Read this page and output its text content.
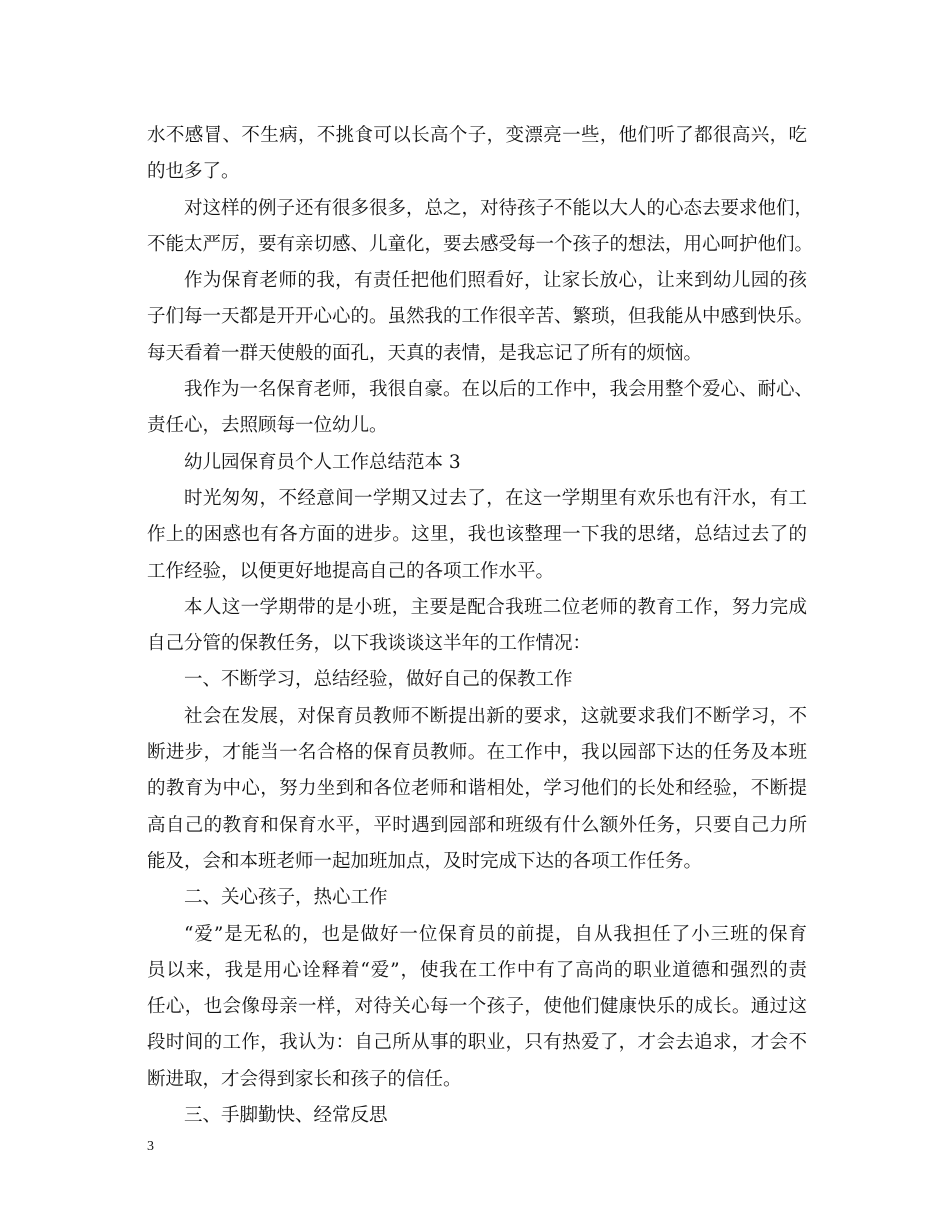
水不感冒、不生病，不挑食可以长高个子，变漂亮一些，他们听了都很高兴，吃
的也多了。
对这样的例子还有很多很多，总之，对待孩子不能以大人的心态去要求他们，
不能太严厉，要有亲切感、儿童化，要去感受每一个孩子的想法，用心呵护他们。
作为保育老师的我，有责任把他们照看好，让家长放心，让来到幼儿园的孩
子们每一天都是开开心心的。虽然我的工作很辛苦、繁琐，但我能从中感到快乐。
每天看着一群天使般的面孔，天真的表情，是我忘记了所有的烦恼。
我作为一名保育老师，我很自豪。在以后的工作中，我会用整个爱心、耐心、
责任心，去照顾每一位幼儿。
幼儿园保育员个人工作总结范本 3
时光匆匆，不经意间一学期又过去了，在这一学期里有欢乐也有汗水，有工
作上的困惑也有各方面的进步。这里，我也该整理一下我的思绪，总结过去了的
工作经验，以便更好地提高自己的各项工作水平。
本人这一学期带的是小班，主要是配合我班二位老师的教育工作，努力完成
自己分管的保教任务，以下我谈谈这半年的工作情况：
一、不断学习，总结经验，做好自己的保教工作
社会在发展，对保育员教师不断提出新的要求，这就要求我们不断学习，不
断进步，才能当一名合格的保育员教师。在工作中，我以园部下达的任务及本班
的教育为中心，努力坐到和各位老师和谐相处，学习他们的长处和经验，不断提
高自己的教育和保育水平，平时遇到园部和班级有什么额外任务，只要自己力所
能及，会和本班老师一起加班加点，及时完成下达的各项工作任务。
二、关心孩子，热心工作
“爱”是无私的，也是做好一位保育员的前提，自从我担任了小三班的保育
员以来，我是用心诠释着“爱”，使我在工作中有了高尚的职业道德和强烈的责
任心，也会像母亲一样，对待关心每一个孩子，使他们健康快乐的成长。通过这
段时间的工作，我认为：自己所从事的职业，只有热爱了，才会去追求，才会不
断进取，才会得到家长和孩子的信任。
三、手脚勤快、经常反思
3
